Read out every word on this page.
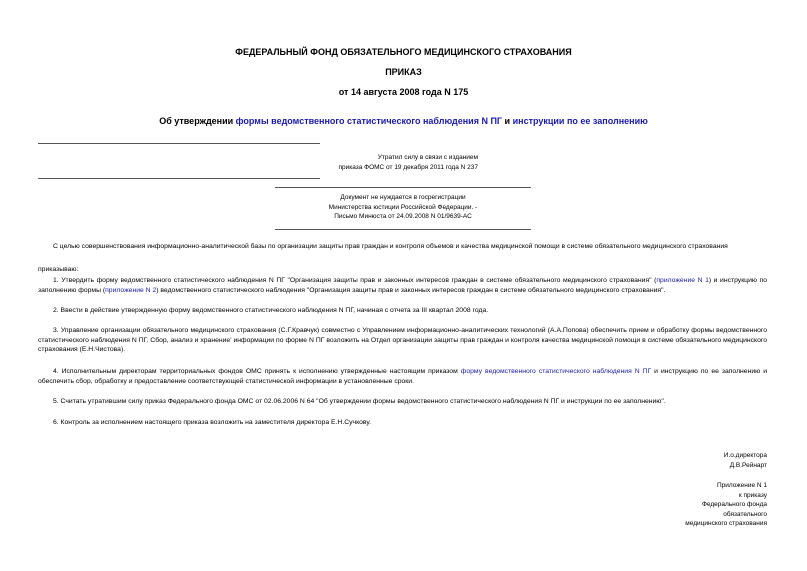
ФЕДЕРАЛЬНЫЙ ФОНД ОБЯЗАТЕЛЬНОГО МЕДИЦИНСКОГО СТРАХОВАНИЯ
ПРИКАЗ
от 14 августа 2008 года N 175
Об утверждении формы ведомственного статистического наблюдения N ПГ и инструкции по ее заполнению
Утратил силу в связи с изданием
приказа ФОМС от 19 декабря 2011 года N 237
Документ не нуждается в госрегистрации
Министерства юстиции Российской Федерации. -
Письмо Минюста от 24.09.2008 N 01/9639-АС
С целью совершенствования информационно-аналитической базы по организации защиты прав граждан и контроля объемов и качества медицинской помощи в системе обязательного медицинского страхования
приказываю:
1. Утвердить форму ведомственного статистического наблюдения N ПГ "Организация защиты прав и законных интересов граждан в системе обязательного медицинского страхования" (приложение N 1) и инструкцию по заполнению формы (приложение N 2) ведомственного статистического наблюдения "Организация защиты прав и законных интересов граждан в системе обязательного медицинского страхования".
2. Ввести в действие утвержденную форму ведомственного статистического наблюдения N ПГ, начиная с отчета за III квартал 2008 года.
3. Управление организации обязательного медицинского страхования (С.Г.Кравчук) совместно с Управлением информационно-аналитических технологий (А.А.Попова) обеспечить прием и обработку формы ведомственного статистического наблюдения N ПГ. Сбор, анализ и хранение' информации по форме N ПГ возложить на Отдел организации защиты прав граждан и контроля качества медицинской помощи в системе обязательного медицинского страхования (Е.Н.Чистова).
4. Исполнительным директорам территориальных фондов ОМС принять к исполнению утвержденные настоящим приказом форму ведомственного статистического наблюдения N ПГ и инструкцию по ее заполнению и обеспечить сбор, обработку и предоставление соответствующей статистической информации в установленные сроки.
5. Считать утратившим силу приказ Федерального фонда ОМС от 02.06.2006 N 64 "Об утверждении формы ведомственного статистического наблюдения N ПГ и инструкции по ее заполнению".
6. Контроль за исполнением настоящего приказа возложить на заместителя директора Е.Н.Сучкову.
И.о.директора
Д.В.Рейнарт
Приложение N 1
к приказу
Федерального фонда
обязательного
медицинского страхования
